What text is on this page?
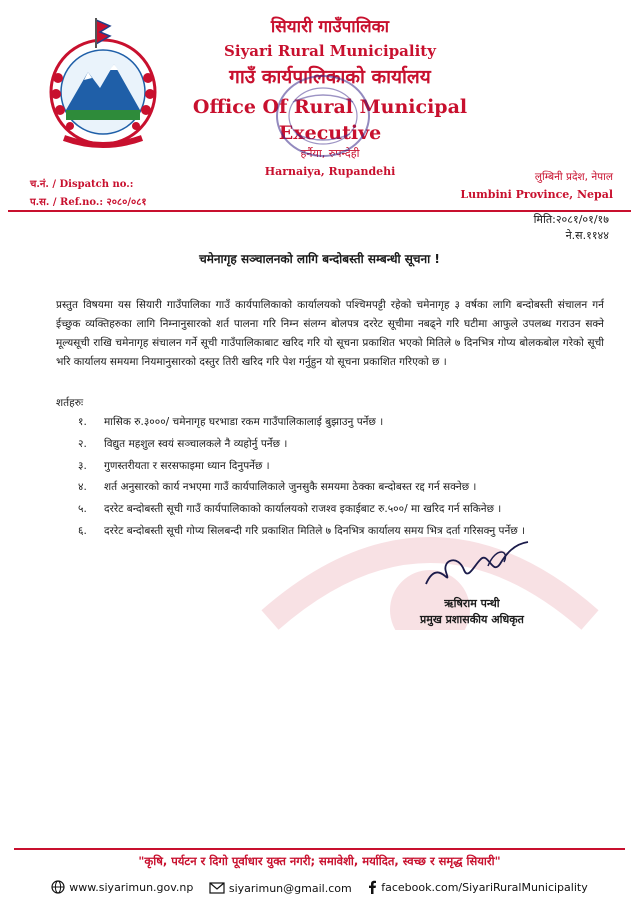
सियारी गाउँपालिका
Siyari Rural Municipality
गाउँ कार्यपालिकाको कार्यालय
Office Of Rural Municipal Executive
हर्नैया, रुपन्देही
Harnaiya, Rupandehi
च.नं. / Dispatch no.:
प.स. / Ref.no.: २०८०/०८१
लुम्बिनी प्रदेश, नेपाल
Lumbini Province, Nepal
मिति:२०८१/०१/१७
ने.स.११४४
चमेनागृह सञ्चालनको लागि बन्दोबस्ती सम्बन्धी सूचना !
प्रस्तुत विषयमा यस सियारी गाउँपालिका गाउँ कार्यपालिकाको कार्यालयको पश्चिमपट्टी रहेको चमेनागृह ३ वर्षका लागि बन्दोबस्ती संचालन गर्न ईच्छुक व्यक्तिहरुका लागि निम्नानुसारको शर्त पालना गरि निम्न संलग्न बोलपत्र दररेट सूचीमा नबढ्ने गरि घटीमा आफुले उपलब्ध गराउन सक्ने मूल्यसूची राखि चमेनागृह संचालन गर्ने सूची गाउँपालिकाबाट खरिद गरि यो सूचना प्रकाशित भएको मितिले ७ दिनभित्र गोप्य बोलकबोल गरेको सूची भरि कार्यालय समयमा नियमानुसारको दस्तुर तिरी खरिद गरि पेश गर्नुहुन यो सूचना प्रकाशित गरिएको छ ।
शर्तहरुः
१.	मासिक रु.३०००/ चमेनागृह घरभाडा रकम गाउँपालिकालाई बुझाउनु पर्नेछ ।
२.	विद्युत महशुल स्वयं सञ्चालकले नै व्यहोर्नु पर्नेछ ।
३.	गुणस्तरीयता र सरसफाइमा ध्यान दिनुपर्नेछ ।
४.	शर्त अनुसारको कार्य नभएमा गाउँ कार्यपालिकाले जुनसुकै समयमा ठेक्का बन्दोबस्त रद्द गर्न सक्नेछ ।
५.	दररेट बन्दोबस्ती सूची गाउँ कार्यपालिकाको कार्यालयको राजश्व इकाईबाट रु.५००/ मा खरिद गर्न सकिनेछ ।
६.	दररेट बन्दोबस्ती सूची गोप्य सिलबन्दी गरि प्रकाशित मितिले ७ दिनभित्र कार्यालय समय भित्र दर्ता गरिसक्नु पर्नेछ ।
ऋषिराम पन्थी
प्रमुख प्रशासकीय अधिकृत
"कृषि, पर्यटन र दिगो पूर्वाधार युक्त नगरी; समावेशी, मर्यादित, स्वच्छ र समृद्ध सियारी"
www.siyarimun.gov.np
	siyarimun@gmail.com
	facebook.com/SiyariRuralMunicipality
